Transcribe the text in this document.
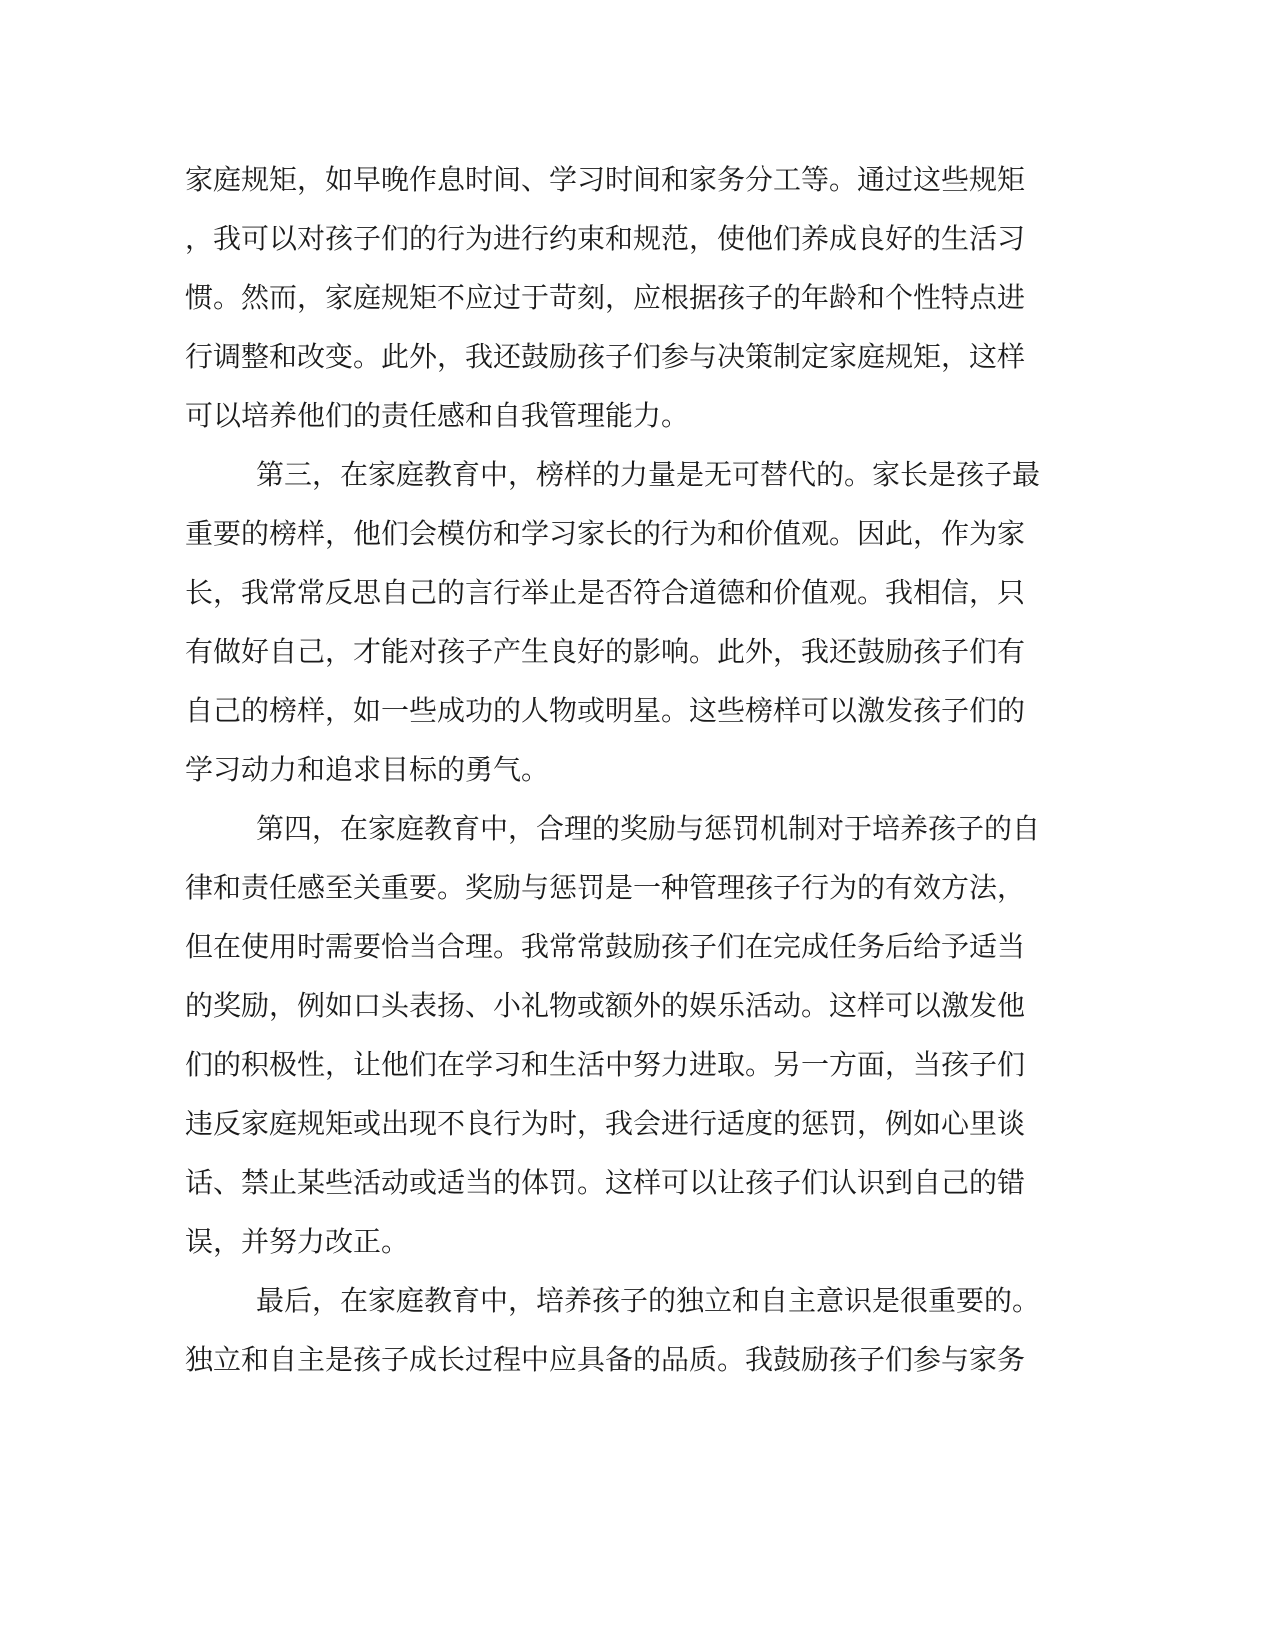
家庭规矩，如早晚作息时间、学习时间和家务分工等。通过这些规矩
，我可以对孩子们的行为进行约束和规范，使他们养成良好的生活习
惯。然而，家庭规矩不应过于苛刻，应根据孩子的年龄和个性特点进
行调整和改变。此外，我还鼓励孩子们参与决策制定家庭规矩，这样
可以培养他们的责任感和自我管理能力。
第三，在家庭教育中，榜样的力量是无可替代的。家长是孩子最
重要的榜样，他们会模仿和学习家长的行为和价值观。因此，作为家
长，我常常反思自己的言行举止是否符合道德和价值观。我相信，只
有做好自己，才能对孩子产生良好的影响。此外，我还鼓励孩子们有
自己的榜样，如一些成功的人物或明星。这些榜样可以激发孩子们的
学习动力和追求目标的勇气。
第四，在家庭教育中，合理的奖励与惩罚机制对于培养孩子的自
律和责任感至关重要。奖励与惩罚是一种管理孩子行为的有效方法，
但在使用时需要恰当合理。我常常鼓励孩子们在完成任务后给予适当
的奖励，例如口头表扬、小礼物或额外的娱乐活动。这样可以激发他
们的积极性，让他们在学习和生活中努力进取。另一方面，当孩子们
违反家庭规矩或出现不良行为时，我会进行适度的惩罚，例如心里谈
话、禁止某些活动或适当的体罚。这样可以让孩子们认识到自己的错
误，并努力改正。
最后，在家庭教育中，培养孩子的独立和自主意识是很重要的。
独立和自主是孩子成长过程中应具备的品质。我鼓励孩子们参与家务
